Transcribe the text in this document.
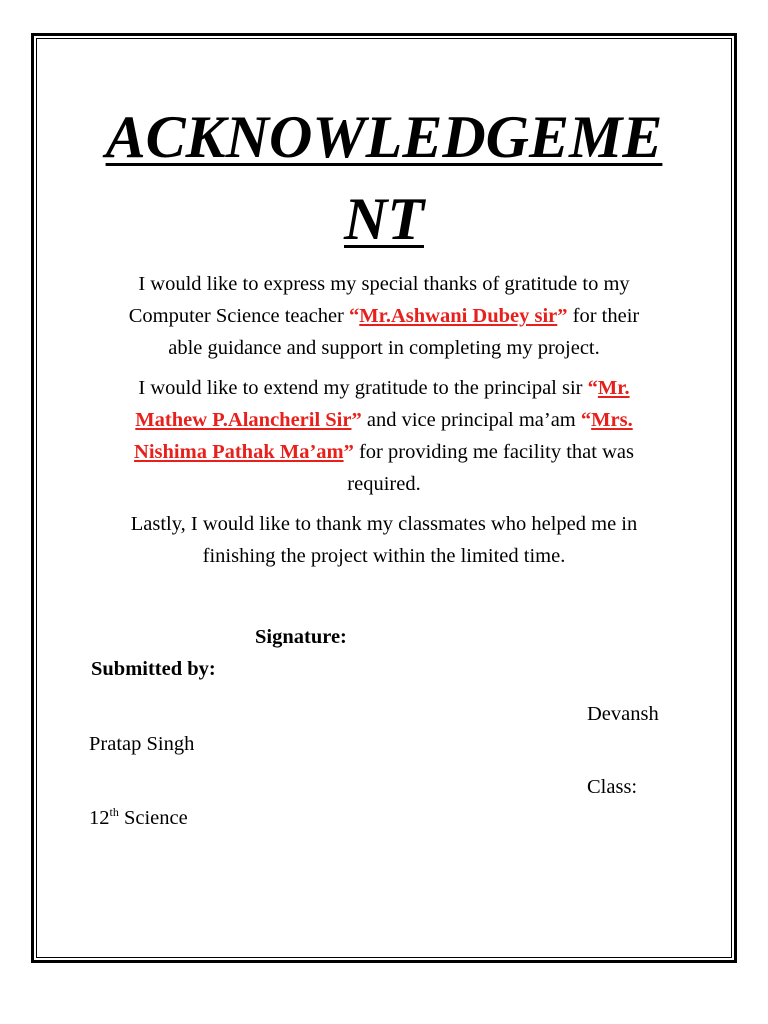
ACKNOWLEDGEME
NT

I would like to express my special thanks of gratitude to my
Computer Science teacher “Mr.Ashwani Dubey sir” for their
able guidance and support in completing my project.

I would like to extend my gratitude to the principal sir “Mr.
Mathew P.Alancheril Sir” and vice principal ma’am “Mrs.
Nishima Pathak Ma’am” for providing me facility that was
required.

Lastly, I would like to thank my classmates who helped me in
finishing the project within the limited time.

Signature:

Submitted by:

Devansh

Pratap Singh

Class:

12th Science
